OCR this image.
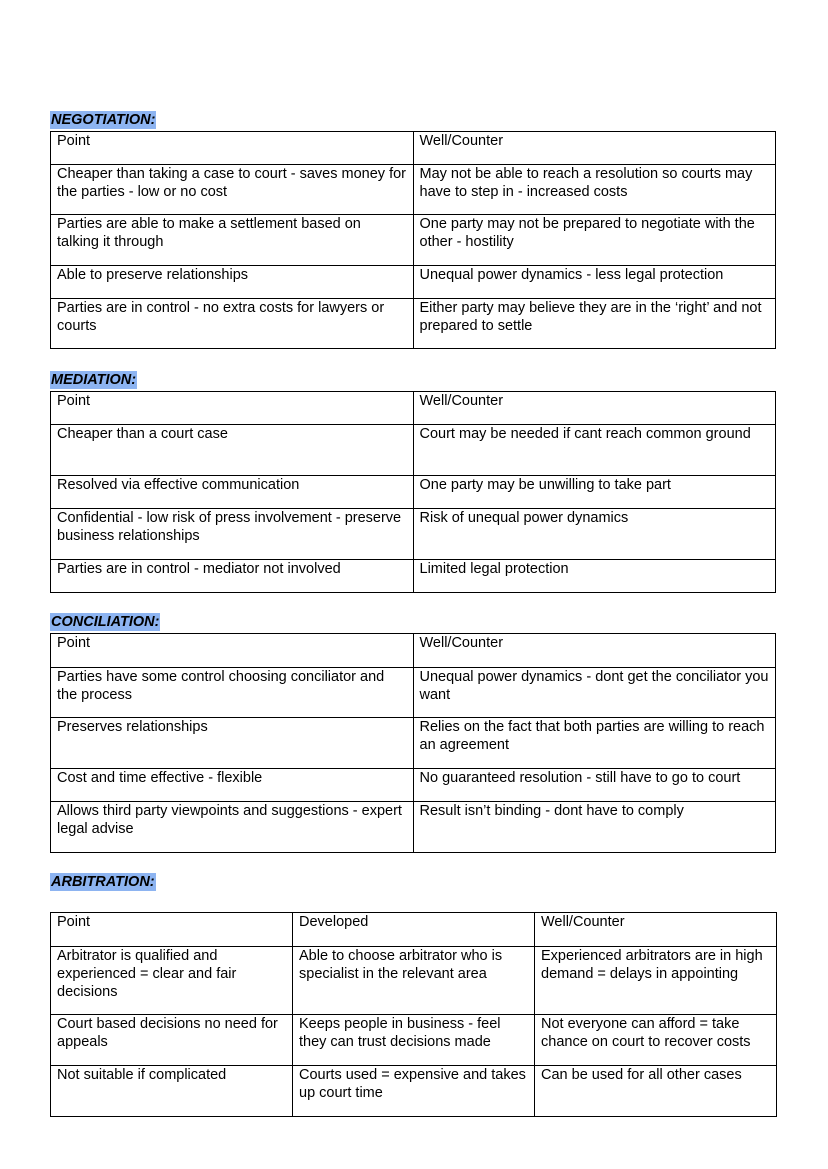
NEGOTIATION:
Point	Well/Counter
Cheaper than taking a case to court - saves money for the parties - low or no cost	May not be able to reach a resolution so courts may have to step in - increased costs
Parties are able to make a settlement based on talking it through	One party may not be prepared to negotiate with the other - hostility
Able to preserve relationships	Unequal power dynamics - less legal protection
Parties are in control - no extra costs for lawyers or courts	Either party may believe they are in the ‘right’ and not prepared to settle
MEDIATION:
Point	Well/Counter
Cheaper than a court case	Court may be needed if cant reach common ground
Resolved via effective communication	One party may be unwilling to take part
Confidential - low risk of press involvement - preserve business relationships	Risk of unequal power dynamics
Parties are in control - mediator not involved	Limited legal protection
CONCILIATION:
Point	Well/Counter
Parties have some control choosing conciliator and the process	Unequal power dynamics - dont get the conciliator you want
Preserves relationships	Relies on the fact that both parties are willing to reach an agreement
Cost and time effective - flexible	No guaranteed resolution - still have to go to court
Allows third party viewpoints and suggestions - expert legal advise	Result isn’t binding - dont have to comply
ARBITRATION:
Point	Developed	Well/Counter
Arbitrator is qualified and experienced = clear and fair decisions	Able to choose arbitrator who is specialist in the relevant area	Experienced arbitrators are in high demand = delays in appointing
Court based decisions no need for appeals	Keeps people in business - feel they can trust decisions made	Not everyone can afford = take chance on court to recover costs
Not suitable if complicated	Courts used = expensive and takes up court time	Can be used for all other cases
